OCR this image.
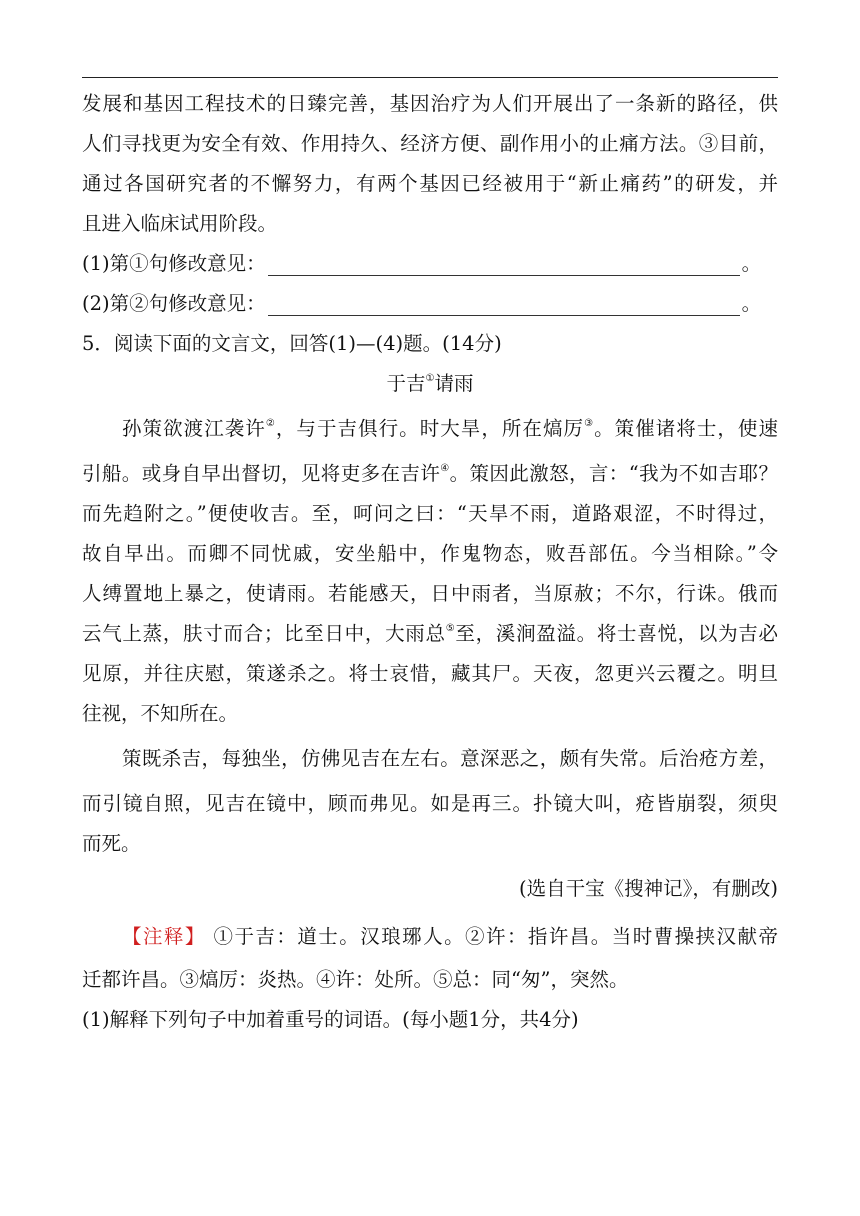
发展和基因工程技术的日臻完善，基因治疗为人们开展出了一条新的路径，供
人们寻找更为安全有效、作用持久、经济方便、副作用小的止痛方法。③目前，
通过各国研究者的不懈努力，有两个基因已经被用于“新止痛药”的研发，并
且进入临床试用阶段。
(1)第①句修改意见：	。
(2)第②句修改意见：	。
5．阅读下面的文言文，回答(1)—(4)题。(14分)
于吉①请雨
孙策欲渡江袭许②，与于吉俱行。时大旱，所在熇厉③。策催诸将士，使速
引船。或身自早出督切，见将吏多在吉许④。策因此激怒，言：“我为不如吉耶？
而先趋附之。”便使收吉。至，呵问之曰：“天旱不雨，道路艰涩，不时得过，
故自早出。而卿不同忧戚，安坐船中，作鬼物态，败吾部伍。今当相除。”令
人缚置地上暴之，使请雨。若能感天，日中雨者，当原赦；不尔，行诛。俄而
云气上蒸，肤寸而合；比至日中，大雨总⑤至，溪涧盈溢。将士喜悦，以为吉必
见原，并往庆慰，策遂杀之。将士哀惜，藏其尸。天夜，忽更兴云覆之。明旦
往视，不知所在。
策既杀吉，每独坐，仿佛见吉在左右。意深恶之，颇有失常。后治疮方差，
而引镜自照，见吉在镜中，顾而弗见。如是再三。扑镜大叫，疮皆崩裂，须臾
而死。
(选自干宝《搜神记》，有删改)
【注释】 ①于吉：道士。汉琅琊人。②许：指许昌。当时曹操挟汉献帝
迁都许昌。③熇厉：炎热。④许：处所。⑤总：同“匆”，突然。
(1)解释下列句子中加着重号的词语。(每小题1分，共4分)
